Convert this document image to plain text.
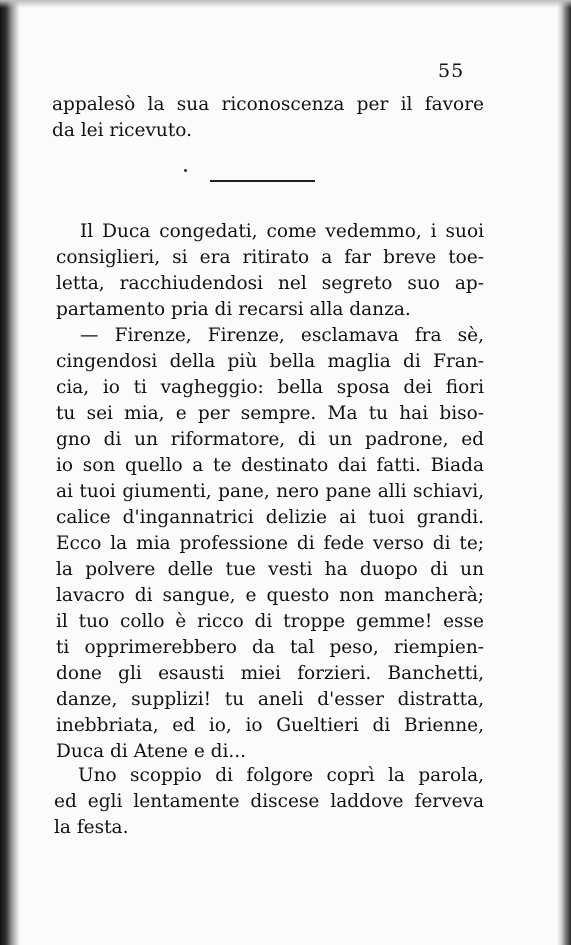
55
appalesò la sua riconoscenza per il favore
da lei ricevuto.
Il Duca congedati, come vedemmo, i suoi
consiglieri, si era ritirato a far breve toe-
letta, racchiudendosi nel segreto suo ap-
partamento pria di recarsi alla danza.
— Firenze, Firenze, esclamava fra sè,
cingendosi della più bella maglia di Fran-
cia, io ti vagheggio: bella sposa dei fiori
tu sei mia, e per sempre. Ma tu hai biso-
gno di un riformatore, di un padrone, ed
io son quello a te destinato dai fatti. Biada
ai tuoi giumenti, pane, nero pane alli schiavi,
calice d'ingannatrici delizie ai tuoi grandi.
Ecco la mia professione di fede verso di te;
la polvere delle tue vesti ha duopo di un
lavacro di sangue, e questo non mancherà;
il tuo collo è ricco di troppe gemme! esse
ti opprimerebbero da tal peso, riempien-
done gli esausti miei forzieri. Banchetti,
danze, supplizi! tu aneli d'esser distratta,
inebbriata, ed io, io Gueltieri di Brienne,
Duca di Atene e di...
Uno scoppio di folgore coprì la parola,
ed egli lentamente discese laddove ferveva
la festa.
